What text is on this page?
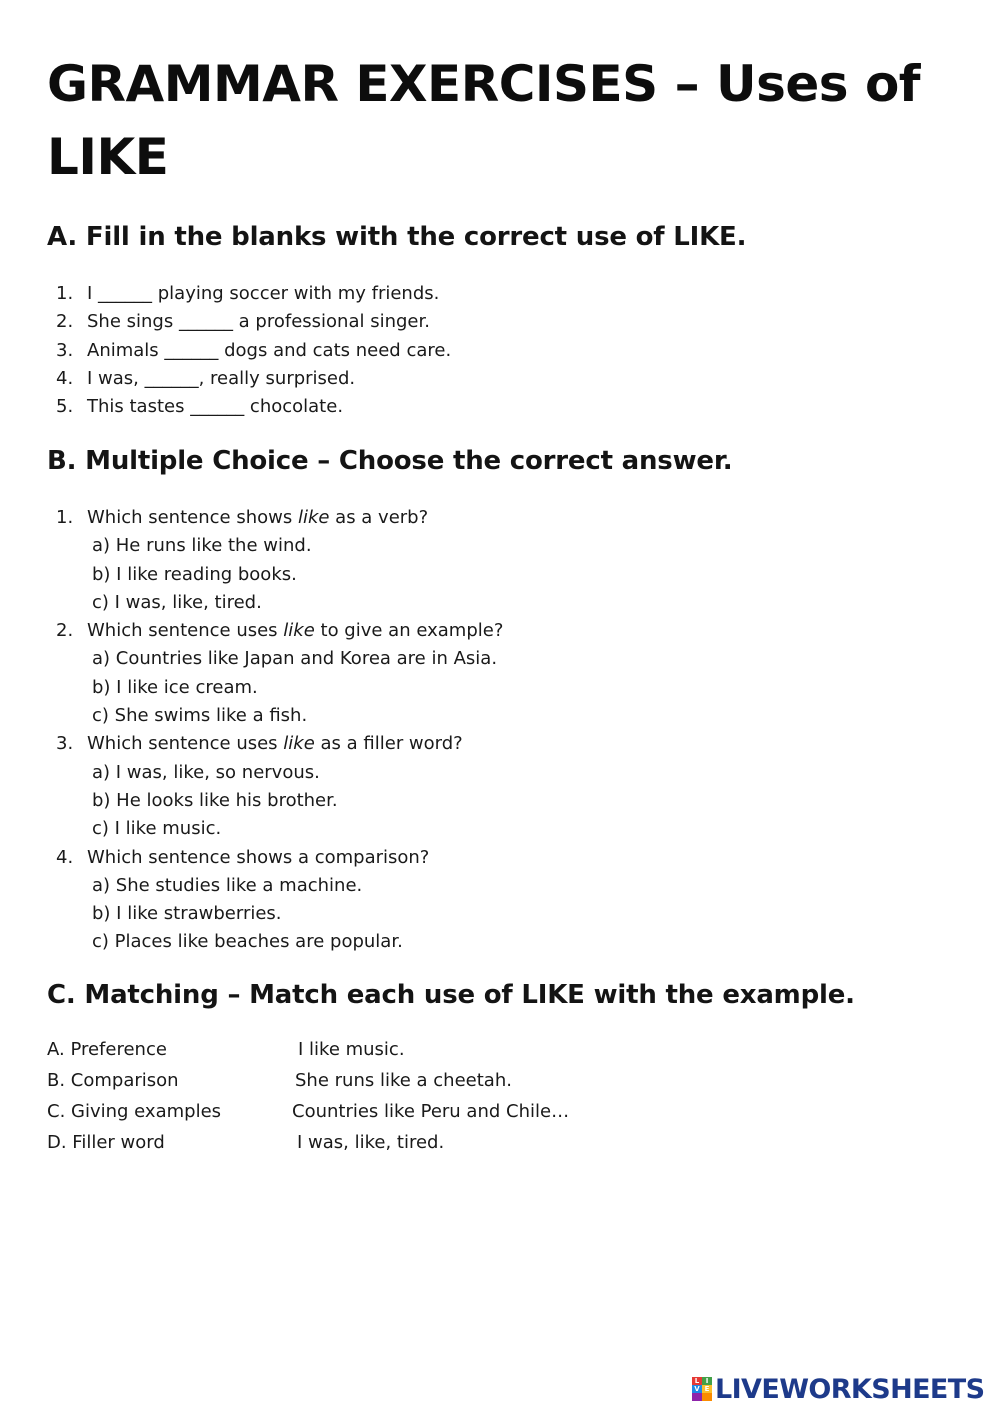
GRAMMAR EXERCISES – Uses of LIKE
A. Fill in the blanks with the correct use of LIKE.
1. I ______ playing soccer with my friends.
2. She sings ______ a professional singer.
3. Animals ______ dogs and cats need care.
4. I was, ______, really surprised.
5. This tastes ______ chocolate.
B. Multiple Choice – Choose the correct answer.
1. Which sentence shows like as a verb?
a) He runs like the wind.
b) I like reading books.
c) I was, like, tired.
2. Which sentence uses like to give an example?
a) Countries like Japan and Korea are in Asia.
b) I like ice cream.
c) She swims like a fish.
3. Which sentence uses like as a filler word?
a) I was, like, so nervous.
b) He looks like his brother.
c) I like music.
4. Which sentence shows a comparison?
a) She studies like a machine.
b) I like strawberries.
c) Places like beaches are popular.
C. Matching – Match each use of LIKE with the example.
A. Preference	I like music.
B. Comparison	She runs like a cheetah.
C. Giving examples	Countries like Peru and Chile…
D. Filler word	I was, like, tired.
L I
V E LIVEWORKSHEETS
